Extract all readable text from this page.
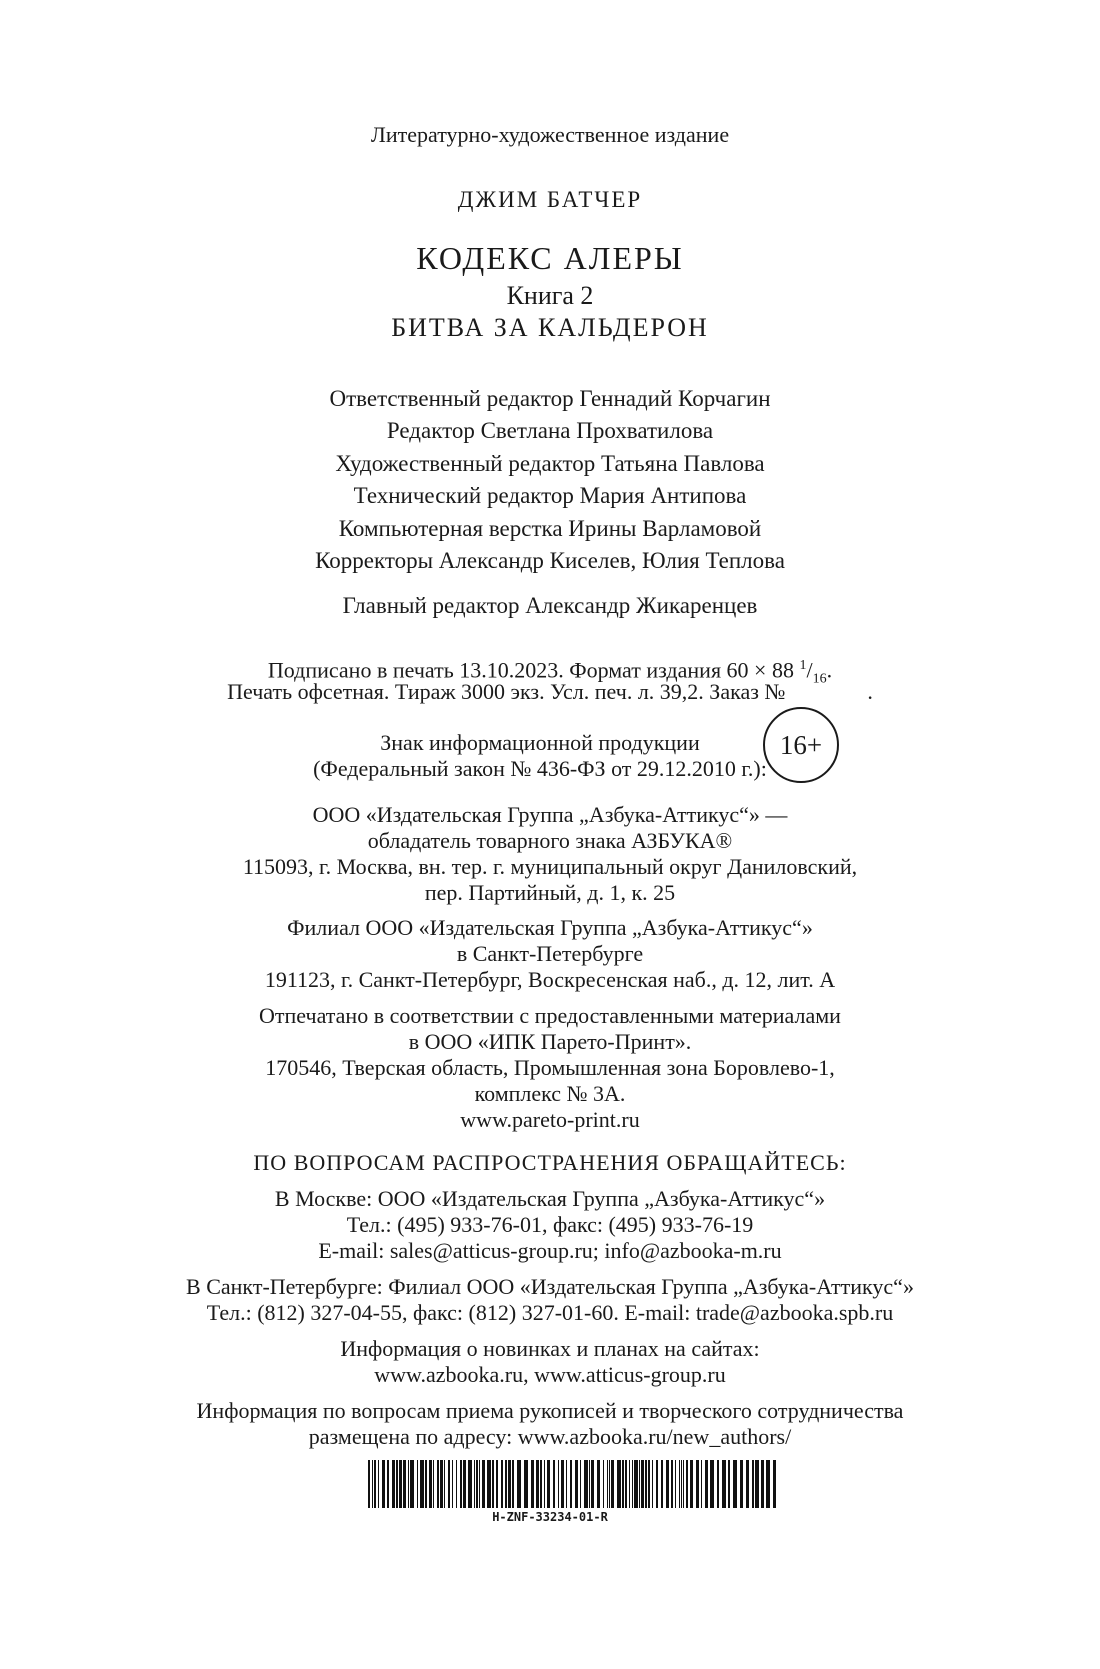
Литературно-художественное издание
ДЖИМ БАТЧЕР
КОДЕКС АЛЕРЫ
Книга 2
БИТВА ЗА КАЛЬДЕРОН
Ответственный редактор Геннадий Корчагин
Редактор Светлана Прохватилова
Художественный редактор Татьяна Павлова
Технический редактор Мария Антипова
Компьютерная верстка Ирины Варламовой
Корректоры Александр Киселев, Юлия Теплова
Главный редактор Александр Жикаренцев
Подписано в печать 13.10.2023. Формат издания 60 × 88 $^1/_{16}$.
Печать офсетная. Тираж 3000 экз. Усл. печ. л. 39,2. Заказ №	.
Знак информационной продукции
(Федеральный закон № 436-ФЗ от 29.12.2010 г.):
16+
ООО «Издательская Группа „Азбука-Аттикус“» —
обладатель товарного знака АЗБУКА®
115093, г. Москва, вн. тер. г. муниципальный округ Даниловский,
пер. Партийный, д. 1, к. 25
Филиал ООО «Издательская Группа „Азбука-Аттикус“»
в Санкт-Петербурге
191123, г. Санкт-Петербург, Воскресенская наб., д. 12, лит. А
Отпечатано в соответствии с предоставленными материалами
в ООО «ИПК Парето-Принт».
170546, Тверская область, Промышленная зона Боровлево-1,
комплекс № 3А.
www.pareto-print.ru
ПО ВОПРОСАМ РАСПРОСТРАНЕНИЯ ОБРАЩАЙТЕСЬ:
В Москве: ООО «Издательская Группа „Азбука-Аттикус“»
Тел.: (495) 933-76-01, факс: (495) 933-76-19
E-mail: sales@atticus-group.ru; info@azbooka-m.ru
В Санкт-Петербурге: Филиал ООО «Издательская Группа „Азбука-Аттикус“»
Тел.: (812) 327-04-55, факс: (812) 327-01-60. E-mail: trade@azbooka.spb.ru
Информация о новинках и планах на сайтах:
www.azbooka.ru, www.atticus-group.ru
Информация по вопросам приема рукописей и творческого сотрудничества
размещена по адресу: www.azbooka.ru/new_authors/
H-ZNF-33234-01-R
